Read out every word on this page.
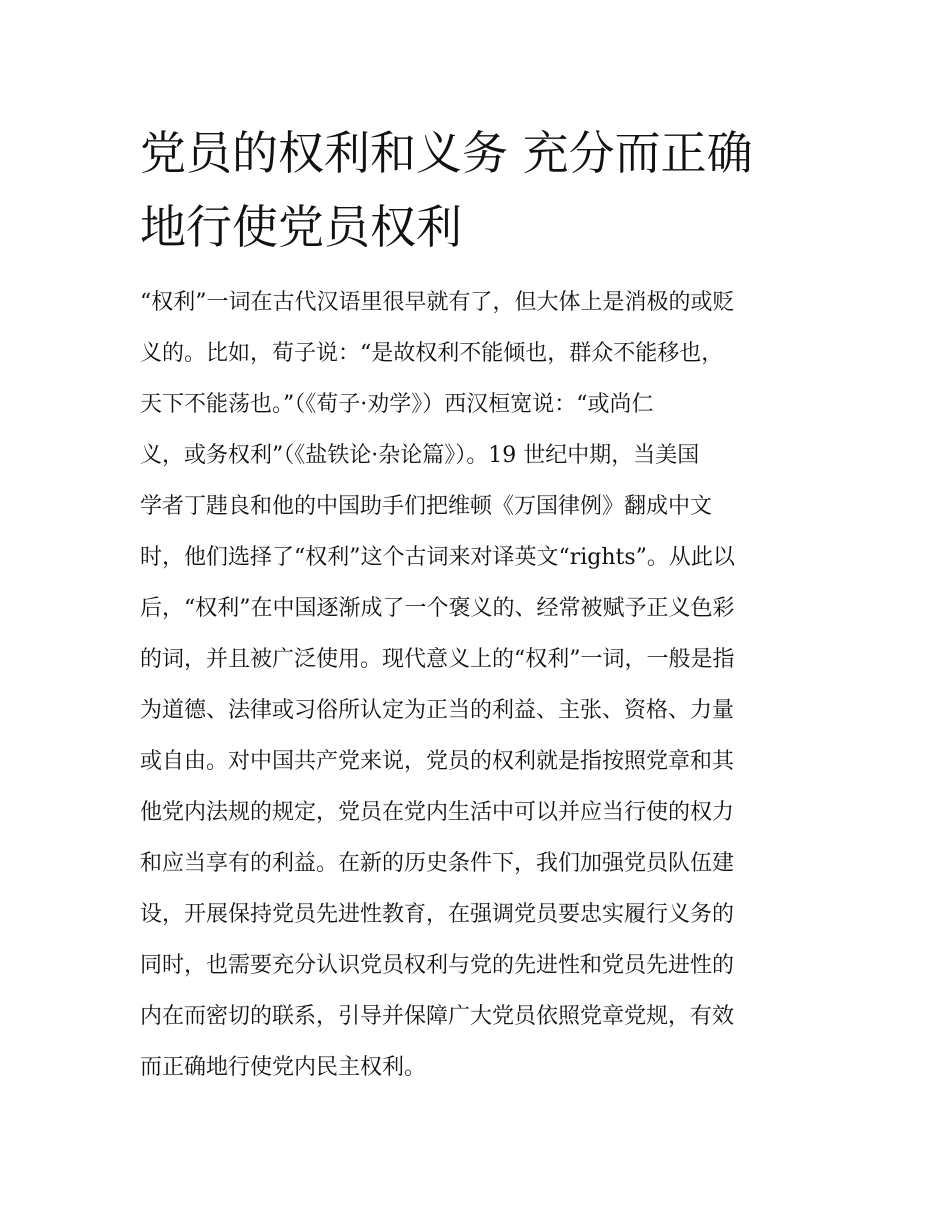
党员的权利和义务 充分而正确
地行使党员权利
“权利”一词在古代汉语里很早就有了，但大体上是消极的或贬
义的。比如，荀子说：“是故权利不能倾也，群众不能移也，
天下不能荡也。”（《荀子·劝学》）西汉桓宽说：“或尚仁
义，或务权利”（《盐铁论·杂论篇》）。19 世纪中期，当美国
学者丁韪良和他的中国助手们把维顿《万国律例》翻成中文
时，他们选择了“权利”这个古词来对译英文“rights”。从此以
后，“权利”在中国逐渐成了一个褒义的、经常被赋予正义色彩
的词，并且被广泛使用。现代意义上的“权利”一词，一般是指
为道德、法律或习俗所认定为正当的利益、主张、资格、力量
或自由。对中国共产党来说，党员的权利就是指按照党章和其
他党内法规的规定，党员在党内生活中可以并应当行使的权力
和应当享有的利益。在新的历史条件下，我们加强党员队伍建
设，开展保持党员先进性教育，在强调党员要忠实履行义务的
同时，也需要充分认识党员权利与党的先进性和党员先进性的
内在而密切的联系，引导并保障广大党员依照党章党规，有效
而正确地行使党内民主权利。
